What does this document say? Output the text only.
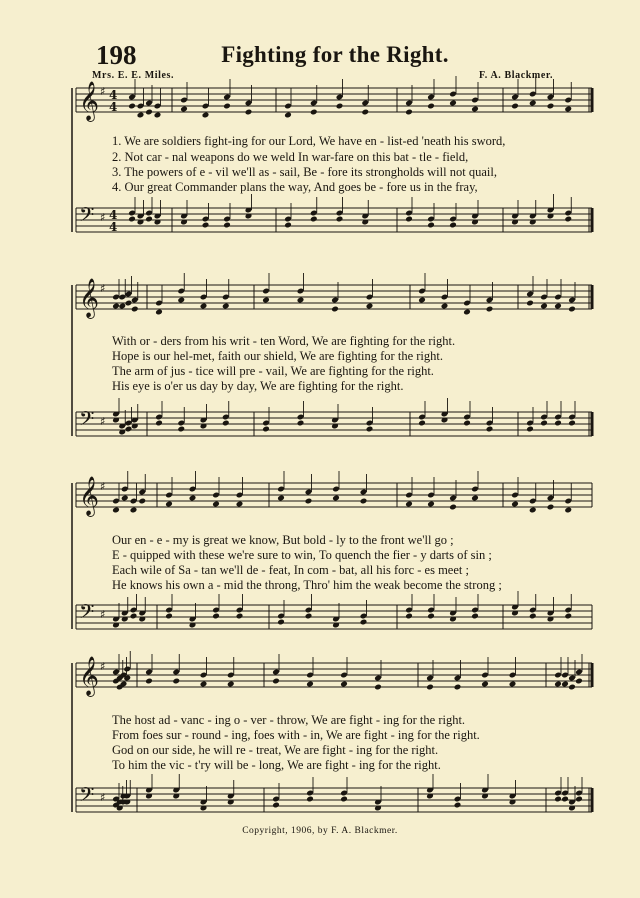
198	Fighting for the Right.
Mrs. E. E. Miles.	F. A. Blackmer.
𝄞 ♯ 4
4
𝄢 ♯ 4
4
𝄞 ♯
𝄢 ♯
𝄞 ♯
𝄢 ♯
𝄞 ♯
𝄢 ♯
1. We are soldiers fight-ing for our Lord, We have en - list-ed 'neath his sword,
2. Not car - nal weapons do we weld In war-fare on this bat - tle - field,
3. The powers of e - vil we'll as - sail, Be - fore its strongholds will not quail,
4. Our great Commander plans the way, And goes be - fore us in the fray,
With or - ders from his writ - ten Word, We are fighting for the right.
Hope is our hel-met, faith our shield, We are fighting for the right.
The arm of jus - tice will pre - vail, We are fighting for the right.
His eye is o'er us day by day, We are fighting for the right.
Our en - e - my is great we know, But bold - ly to the front we'll go ;
E - quipped with these we're sure to win, To quench the fier - y darts of sin ;
Each wile of Sa - tan we'll de - feat, In com - bat, all his forc - es meet ;
He knows his own a - mid the throng, Thro' him the weak become the strong ;
The host ad - vanc - ing o - ver - throw, We are fight - ing for the right.
From foes sur - round - ing, foes with - in, We are fight - ing for the right.
God on our side, he will re - treat, We are fight - ing for the right.
To him the vic - t'ry will be - long, We are fight - ing for the right.
Copyright, 1906, by F. A. Blackmer.
